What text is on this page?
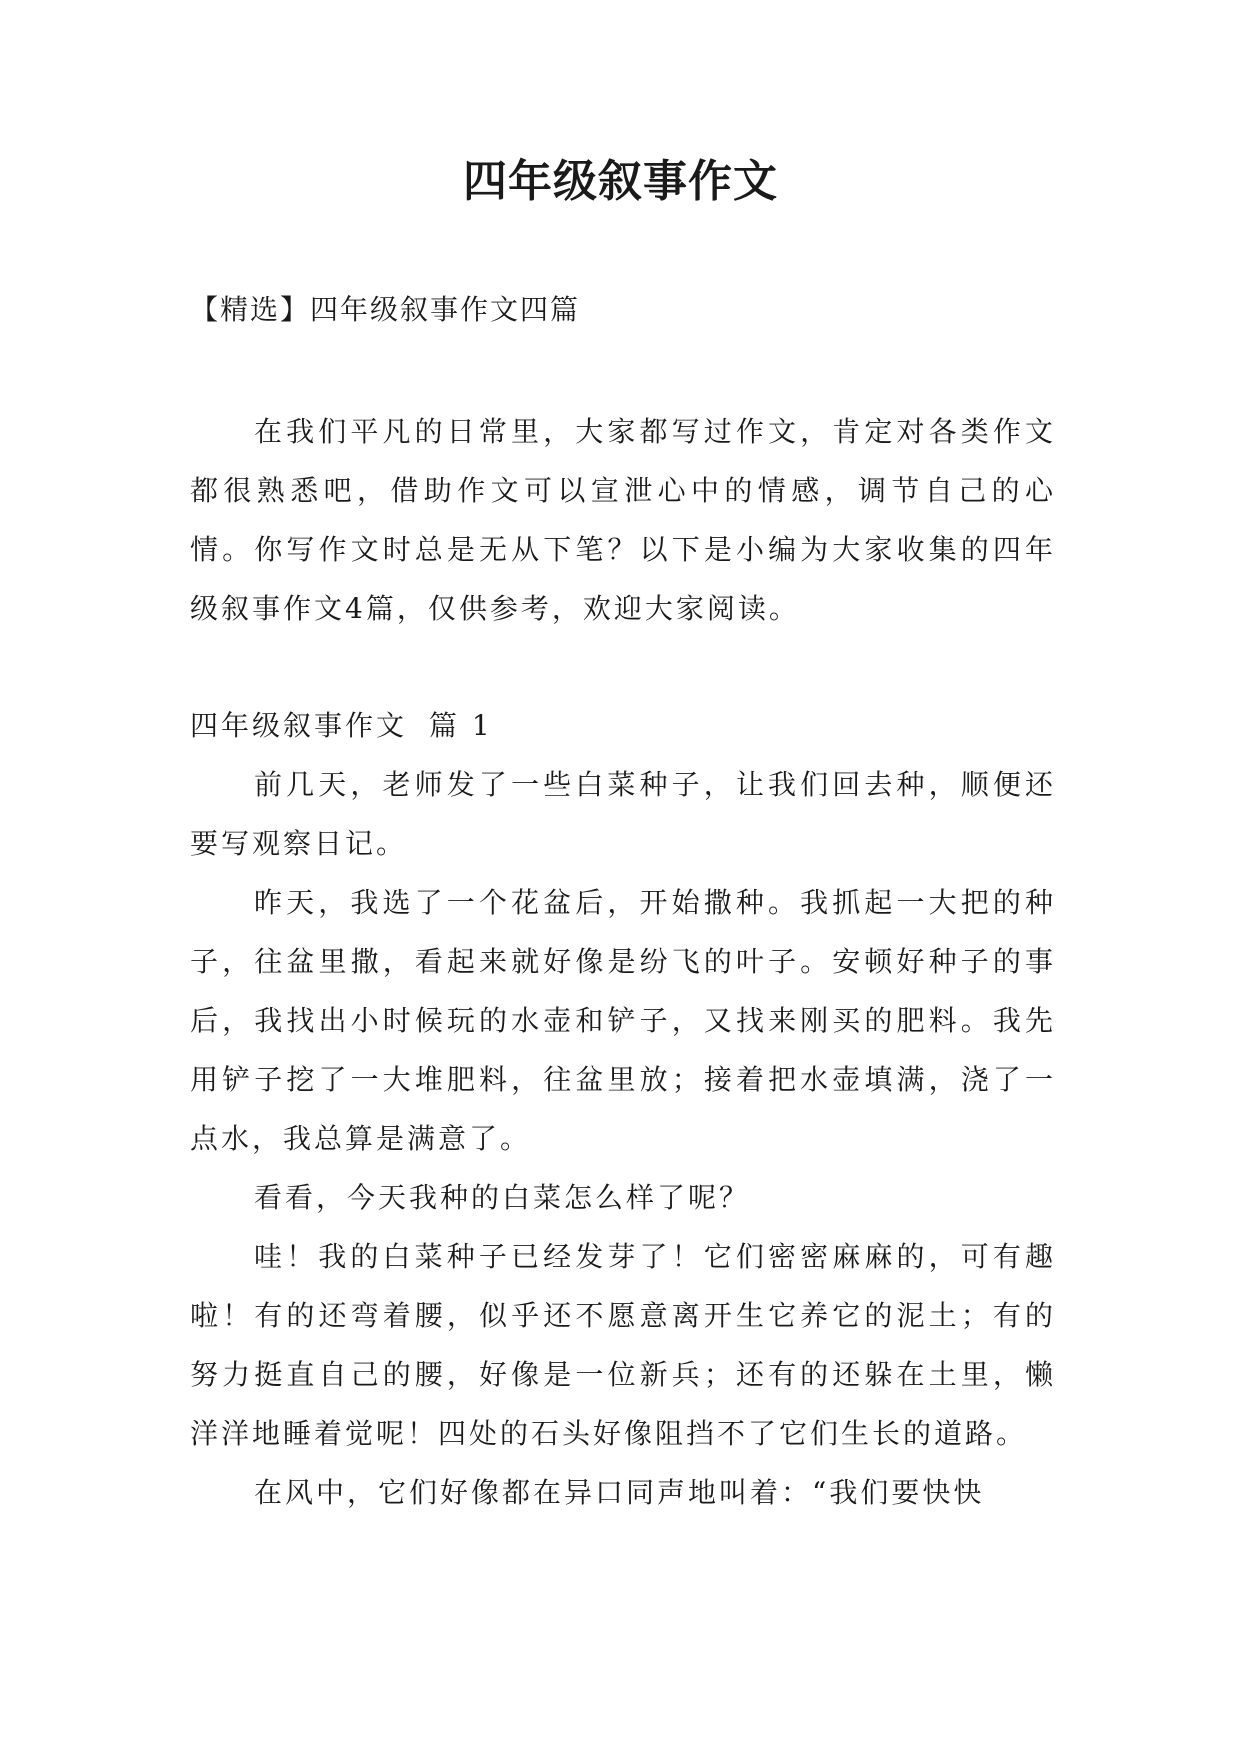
四年级叙事作文
【精选】四年级叙事作文四篇

在我们平凡的日常里，大家都写过作文，肯定对各类作文都很熟悉吧，借助作文可以宣泄心中的情感，调节自己的心情。你写作文时总是无从下笔？以下是小编为大家收集的四年级叙事作文4篇，仅供参考，欢迎大家阅读。

四年级叙事作文 篇 1

前几天，老师发了一些白菜种子，让我们回去种，顺便还要写观察日记。

昨天，我选了一个花盆后，开始撒种。我抓起一大把的种子，往盆里撒，看起来就好像是纷飞的叶子。安顿好种子的事后，我找出小时候玩的水壶和铲子，又找来刚买的肥料。我先用铲子挖了一大堆肥料，往盆里放；接着把水壶填满，浇了一点水，我总算是满意了。

看看，今天我种的白菜怎么样了呢？

哇！我的白菜种子已经发芽了！它们密密麻麻的，可有趣啦！有的还弯着腰，似乎还不愿意离开生它养它的泥土；有的努力挺直自己的腰，好像是一位新兵；还有的还躲在土里，懒洋洋地睡着觉呢！四处的石头好像阻挡不了它们生长的道路。

在风中，它们好像都在异口同声地叫着：“我们要快快
